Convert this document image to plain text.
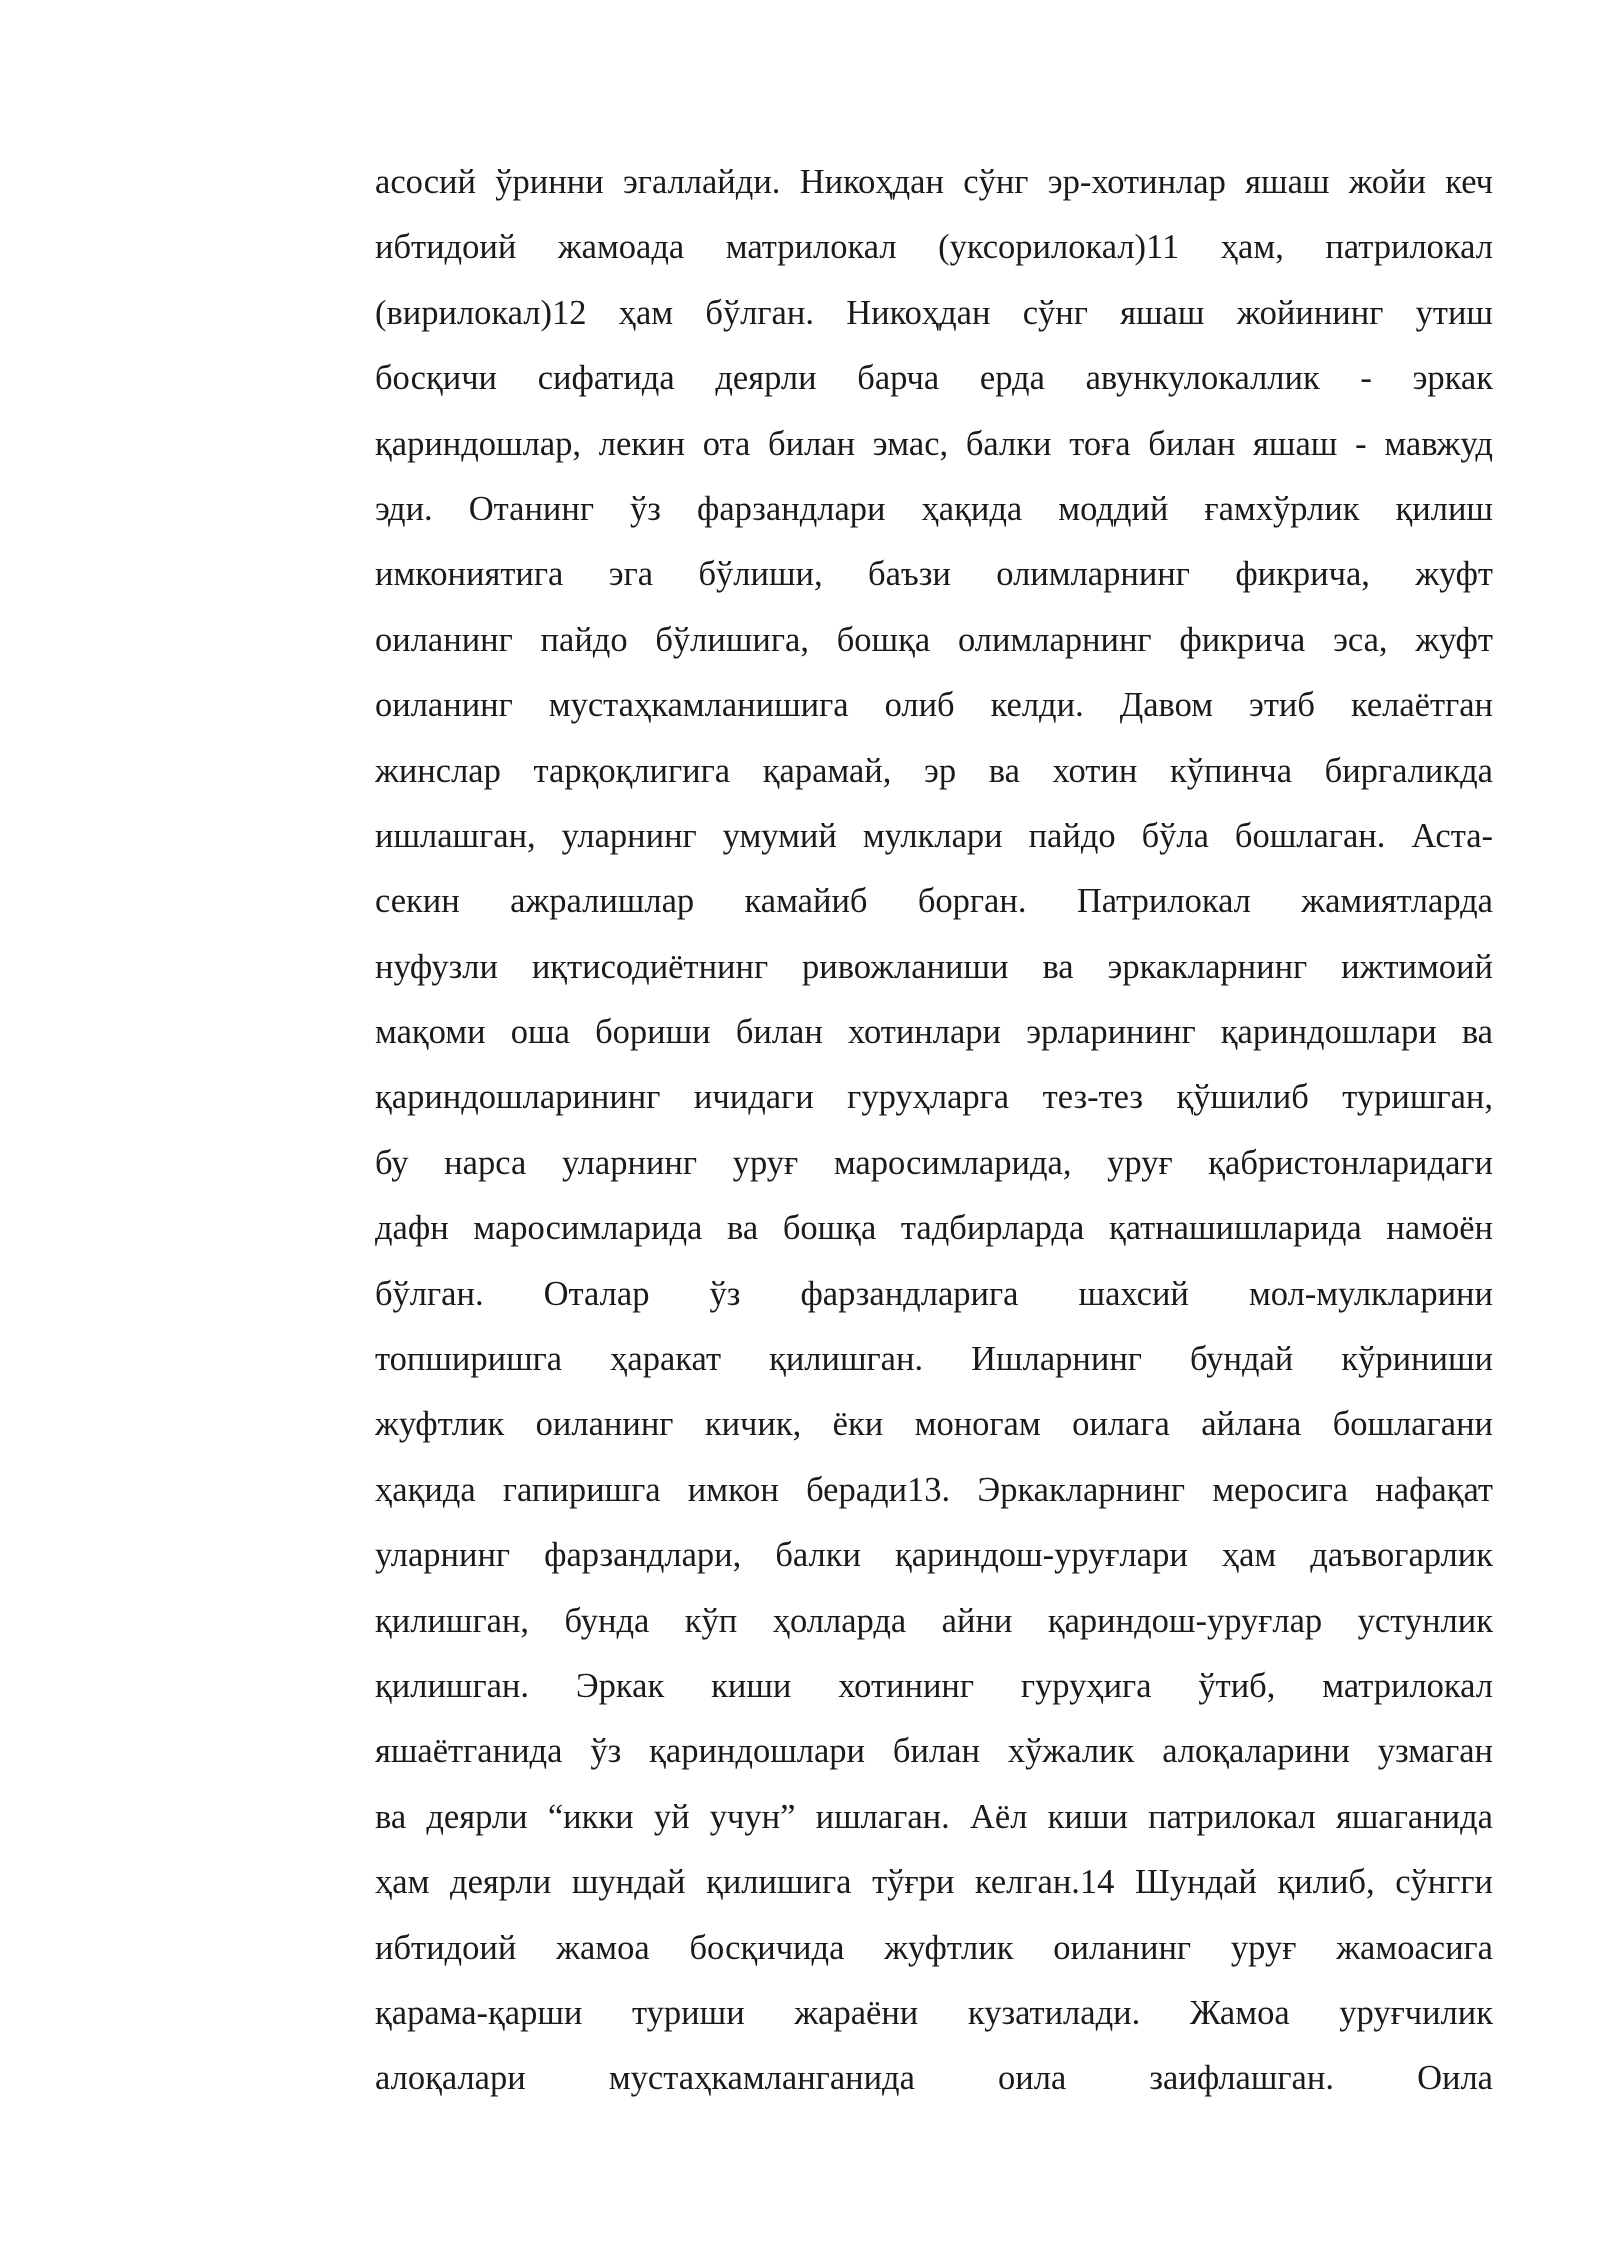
асосий ўринни эгаллайди. Никоҳдан сўнг эр-хотинлар яшаш жойи кеч
ибтидоий жамоада матрилокал (уксорилокал)11 ҳам, патрилокал
(вирилокал)12 ҳам бўлган. Никоҳдан сўнг яшаш жойининг утиш
босқичи сифатида деярли барча ерда авункулокаллик - эркак
қариндошлар, лекин ота билан эмас, балки тоға билан яшаш - мавжуд
эди. Отанинг ўз фарзандлари ҳақида моддий ғамхўрлик қилиш
имкониятига эга бўлиши, баъзи олимларнинг фикрича, жуфт
оиланинг пайдо бўлишига, бошқа олимларнинг фикрича эса, жуфт
оиланинг мустаҳкамланишига олиб келди. Давом этиб келаётган
жинслар тарқоқлигига қарамай, эр ва хотин кўпинча биргаликда
ишлашган, уларнинг умумий мулклари пайдо бўла бошлаган. Аста-
секин ажралишлар камайиб борган. Патрилокал жамиятларда
нуфузли иқтисодиётнинг ривожланиши ва эркакларнинг ижтимоий
мақоми оша бориши билан хотинлари эрларининг қариндошлари ва
қариндошларининг ичидаги гуруҳларга тез-тез қўшилиб туришган,
бу нарса уларнинг уруғ маросимларида, уруғ қабристонларидаги
дафн маросимларида ва бошқа тадбирларда қатнашишларида намоён
бўлган. Оталар ўз фарзандларига шахсий мол-мулкларини
топширишга ҳаракат қилишган. Ишларнинг бундай кўриниши
жуфтлик оиланинг кичик, ёки моногам оилага айлана бошлагани
ҳақида гапиришга имкон беради13. Эркакларнинг меросига нафақат
уларнинг фарзандлари, балки қариндош-уруғлари ҳам даъвогарлик
қилишган, бунда кўп ҳолларда айни қариндош-уруғлар устунлик
қилишган. Эркак киши хотининг гуруҳига ўтиб, матрилокал
яшаётганида ўз қариндошлари билан хўжалик алоқаларини узмаган
ва деярли “икки уй учун” ишлаган. Аёл киши патрилокал яшаганида
ҳам деярли шундай қилишига тўғри келган.14 Шундай қилиб, сўнгги
ибтидоий жамоа босқичида жуфтлик оиланинг уруғ жамоасига
қарама-қарши туриши жараёни кузатилади. Жамоа уруғчилик
алоқалари мустаҳкамланганида оила заифлашган. Оила
